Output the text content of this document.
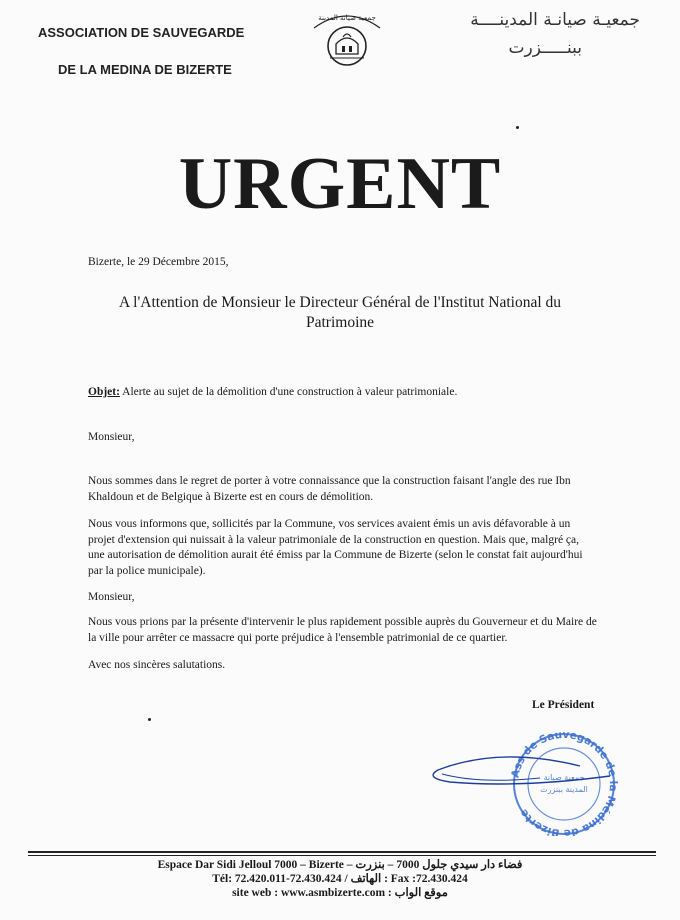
ASSOCIATION DE SAUVEGARDE
DE LA MEDINA DE BIZERTE
جمعية صيانة المدينة	جمعيـة صيانـة المدينــــة
ببنـــــزرت
URGENT
Bizerte, le 29 Décembre 2015,
A l'Attention de Monsieur le Directeur Général de l'Institut National du Patrimoine
Objet: Alerte au sujet de la démolition d'une construction à valeur patrimoniale.
Monsieur,
Nous sommes dans le regret de porter à votre connaissance que la construction faisant l'angle des rue Ibn Khaldoun et de Belgique à Bizerte est en cours de démolition.
Nous vous informons que, sollicités par la Commune, vos services avaient émis un avis défavorable à un projet d'extension qui nuissait à la valeur patrimoniale de la construction en question. Mais que, malgré ça, une autorisation de démolition aurait été émiss par la Commune de Bizerte (selon le constat fait aujourd'hui par la police municipale).
Monsieur,
Nous vous prions par la présente d'intervenir le plus rapidement possible auprès du Gouverneur et du Maire de la ville pour arrêter ce massacre qui porte préjudice à l'ensemble patrimonial de ce quartier.
Avec nos sincères salutations.
Le Président
Ass de Sauvegarde de la Médina de Bizerte
جمعية صيانة
المدينة ببنزرت
Espace Dar Sidi Jelloul 7000 – Bizerte – فضاء دار سيدي جلول 7000 – بنزرت
Tél: 72.420.011-72.430.424 / الهاتف : Fax :72.430.424
site web : www.asmbizerte.com : موقع الواب
